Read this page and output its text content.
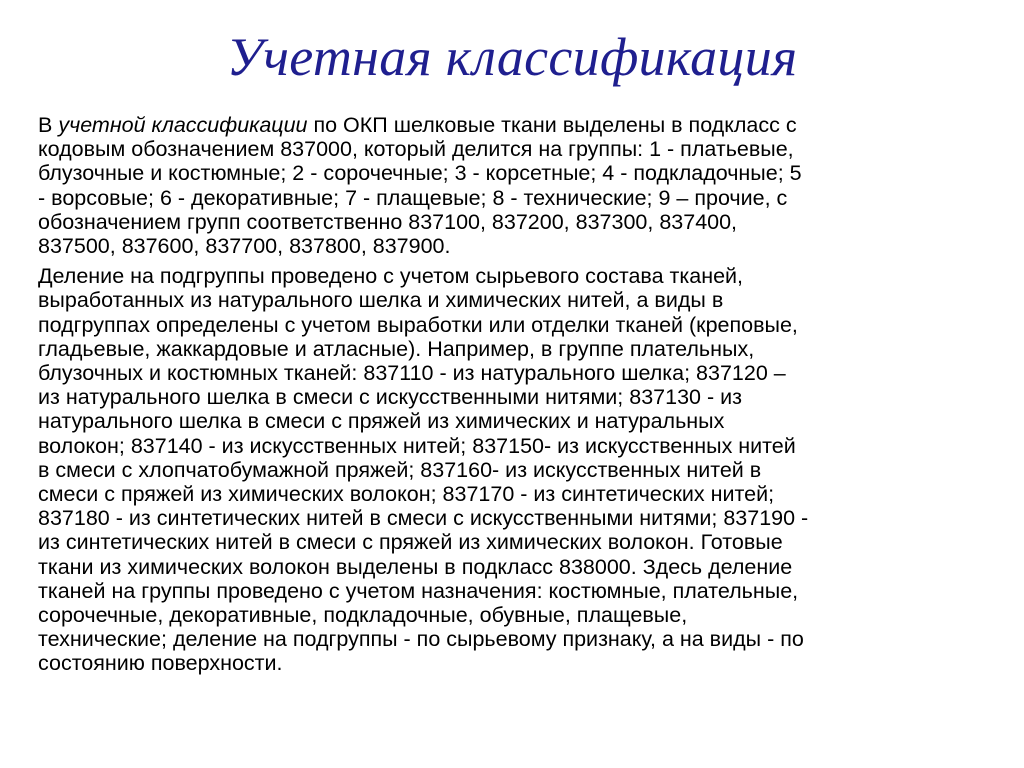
Учетная классификация

В учетной классификации по ОКП шелковые ткани выделены в подкласс с
кодовым обозначением 837000, который делится на группы: 1 - платьевые,
блузочные и костюмные; 2 - сорочечные; 3 - корсетные; 4 - подкладочные; 5
- ворсовые; 6 - декоративные; 7 - плащевые; 8 - технические; 9 – прочие, с
обозначением групп соответственно 837100, 837200, 837300, 837400,
837500, 837600, 837700, 837800, 837900.

Деление на подгруппы проведено с учетом сырьевого состава тканей,
выработанных из натурального шелка и химических нитей, а виды в
подгруппах определены с учетом выработки или отделки тканей (креповые,
гладьевые, жаккардовые и атласные). Например, в группе плательных,
блузочных и костюмных тканей: 837110 - из натурального шелка; 837120 –
из натурального шелка в смеси с искусственными нитями; 837130 - из
натурального шелка в смеси с пряжей из химических и натуральных
волокон; 837140 - из искусственных нитей; 837150- из искусственных нитей
в смеси с хлопчатобумажной пряжей; 837160- из искусственных нитей в
смеси с пряжей из химических волокон; 837170 - из синтетических нитей;
837180 - из синтетических нитей в смеси с искусственными нитями; 837190 -
из синтетических нитей в смеси с пряжей из химических волокон. Готовые
ткани из химических волокон выделены в подкласс 838000. Здесь деление
тканей на группы проведено с учетом назначения: костюмные, плательные,
сорочечные, декоративные, подкладочные, обувные, плащевые,
технические; деление на подгруппы - по сырьевому признаку, а на виды - по
состоянию поверхности.
